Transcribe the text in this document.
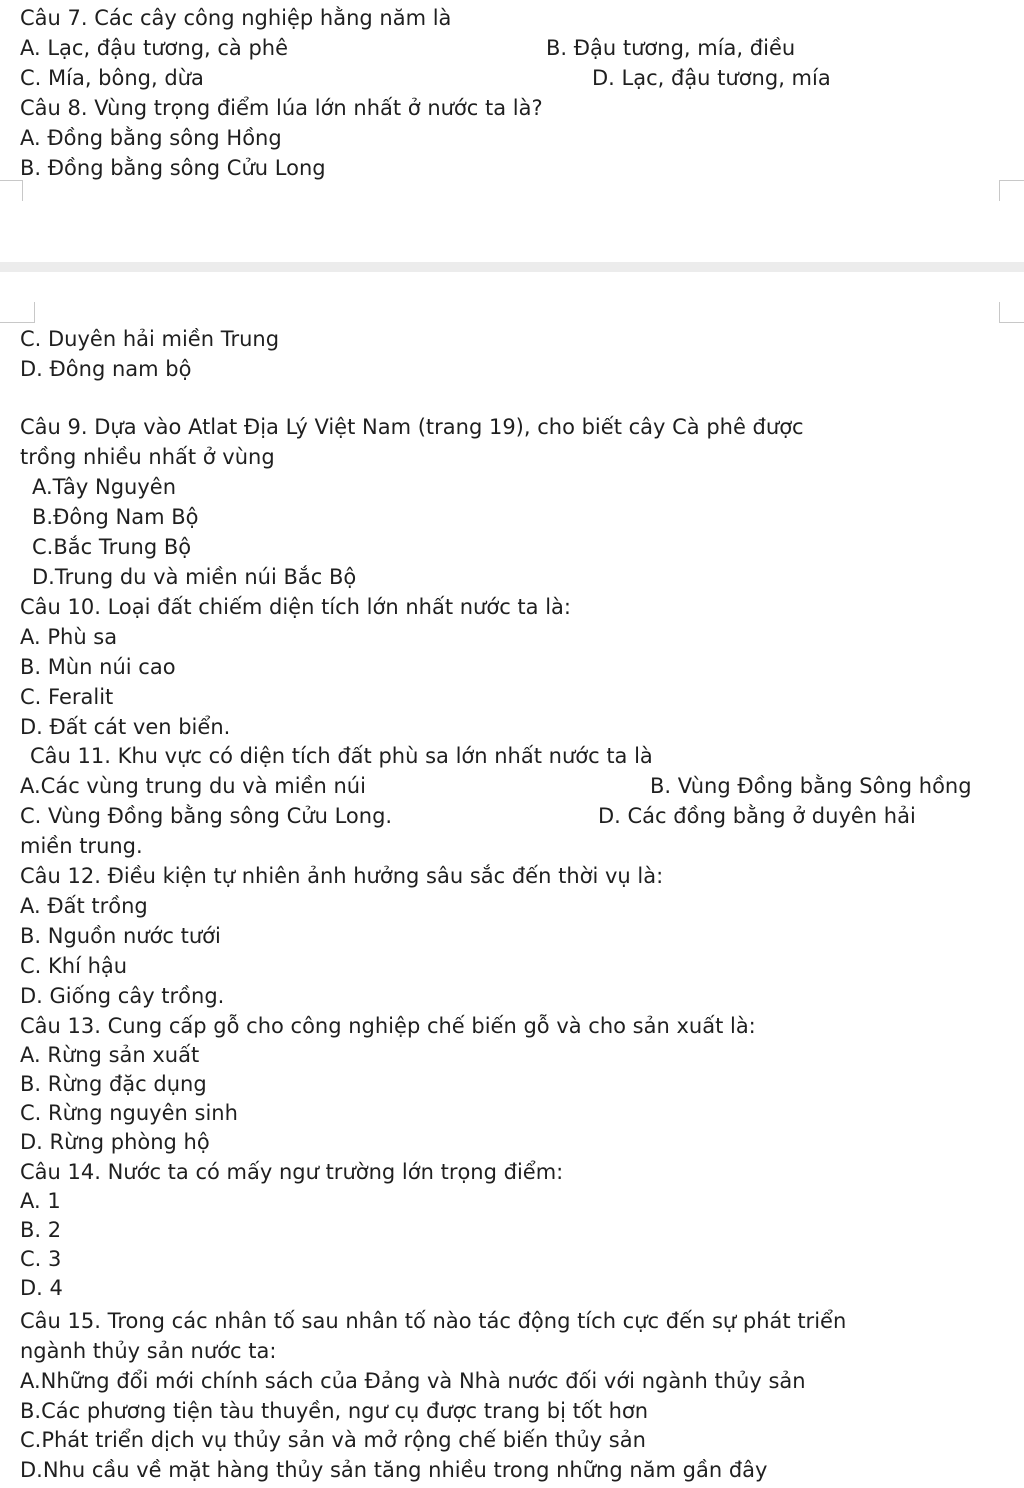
Câu 7. Các cây công nghiệp hằng năm là
A. Lạc, đậu tương, cà phê	B. Đậu tương, mía, điều
C. Mía, bông, dừa	D. Lạc, đậu tương, mía
Câu 8. Vùng trọng điểm lúa lớn nhất ở nước ta là?
A. Đồng bằng sông Hồng
B. Đồng bằng sông Cửu Long
C. Duyên hải miền Trung
D. Đông nam bộ
Câu 9. Dựa vào Atlat Địa Lý Việt Nam (trang 19), cho biết cây Cà phê được
trồng nhiều nhất ở vùng
A.Tây Nguyên
B.Đông Nam Bộ
C.Bắc Trung Bộ
D.Trung du và miền núi Bắc Bộ
Câu 10. Loại đất chiếm diện tích lớn nhất nước ta là:
A. Phù sa
B. Mùn núi cao
C. Feralit
D. Đất cát ven biển.
Câu 11. Khu vực có diện tích đất phù sa lớn nhất nước ta là
A.Các vùng trung du và miền núi	B. Vùng Đồng bằng Sông hồng
C. Vùng Đồng bằng sông Cửu Long.	D. Các đồng bằng ở duyên hải
miền trung.
Câu 12. Điều kiện tự nhiên ảnh hưởng sâu sắc đến thời vụ là:
A. Đất trồng
B. Nguồn nước tưới
C. Khí hậu
D. Giống cây trồng.
Câu 13. Cung cấp gỗ cho công nghiệp chế biến gỗ và cho sản xuất là:
A. Rừng sản xuất
B. Rừng đặc dụng
C. Rừng nguyên sinh
D. Rừng phòng hộ
Câu 14. Nước ta có mấy ngư trường lớn trọng điểm:
A. 1
B. 2
C. 3
D. 4
Câu 15. Trong các nhân tố sau nhân tố nào tác động tích cực đến sự phát triển
ngành thủy sản nước ta:
A.Những đổi mới chính sách của Đảng và Nhà nước đối với ngành thủy sản
B.Các phương tiện tàu thuyền, ngư cụ được trang bị tốt hơn
C.Phát triển dịch vụ thủy sản và mở rộng chế biến thủy sản
D.Nhu cầu về mặt hàng thủy sản tăng nhiều trong những năm gần đây
